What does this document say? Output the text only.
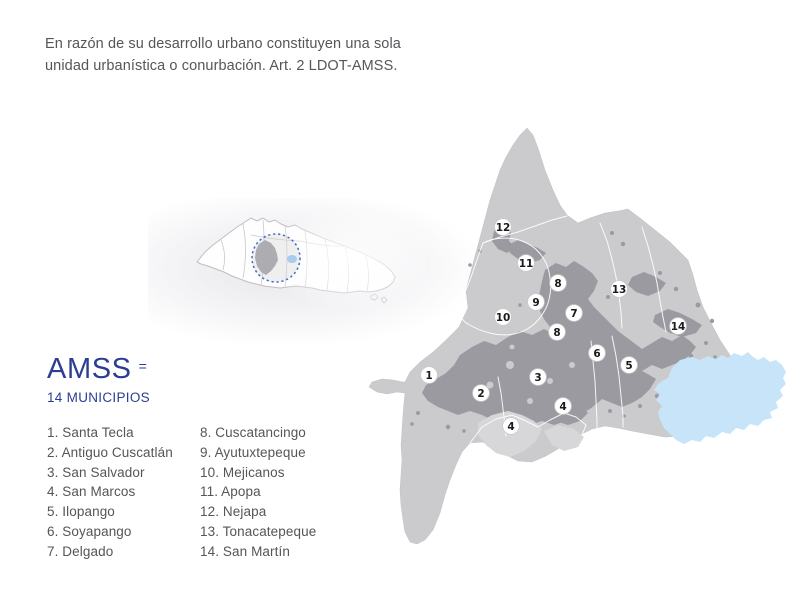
En razón de su desarrollo urbano constituyen una sola
unidad urbanística o conurbación. Art. 2 LDOT-AMSS.
1
2
3
4
4
5
6
7
8
8
9
10
11
12
13
14
AMSS =
14 MUNICIPIOS
1. Santa Tecla
2. Antiguo Cuscatlán
3. San Salvador
4. San Marcos
5. Ilopango
6. Soyapango
7. Delgado
8. Cuscatancingo
9. Ayutuxtepeque
10. Mejicanos
11. Apopa
12. Nejapa
13. Tonacatepeque
14. San Martín
